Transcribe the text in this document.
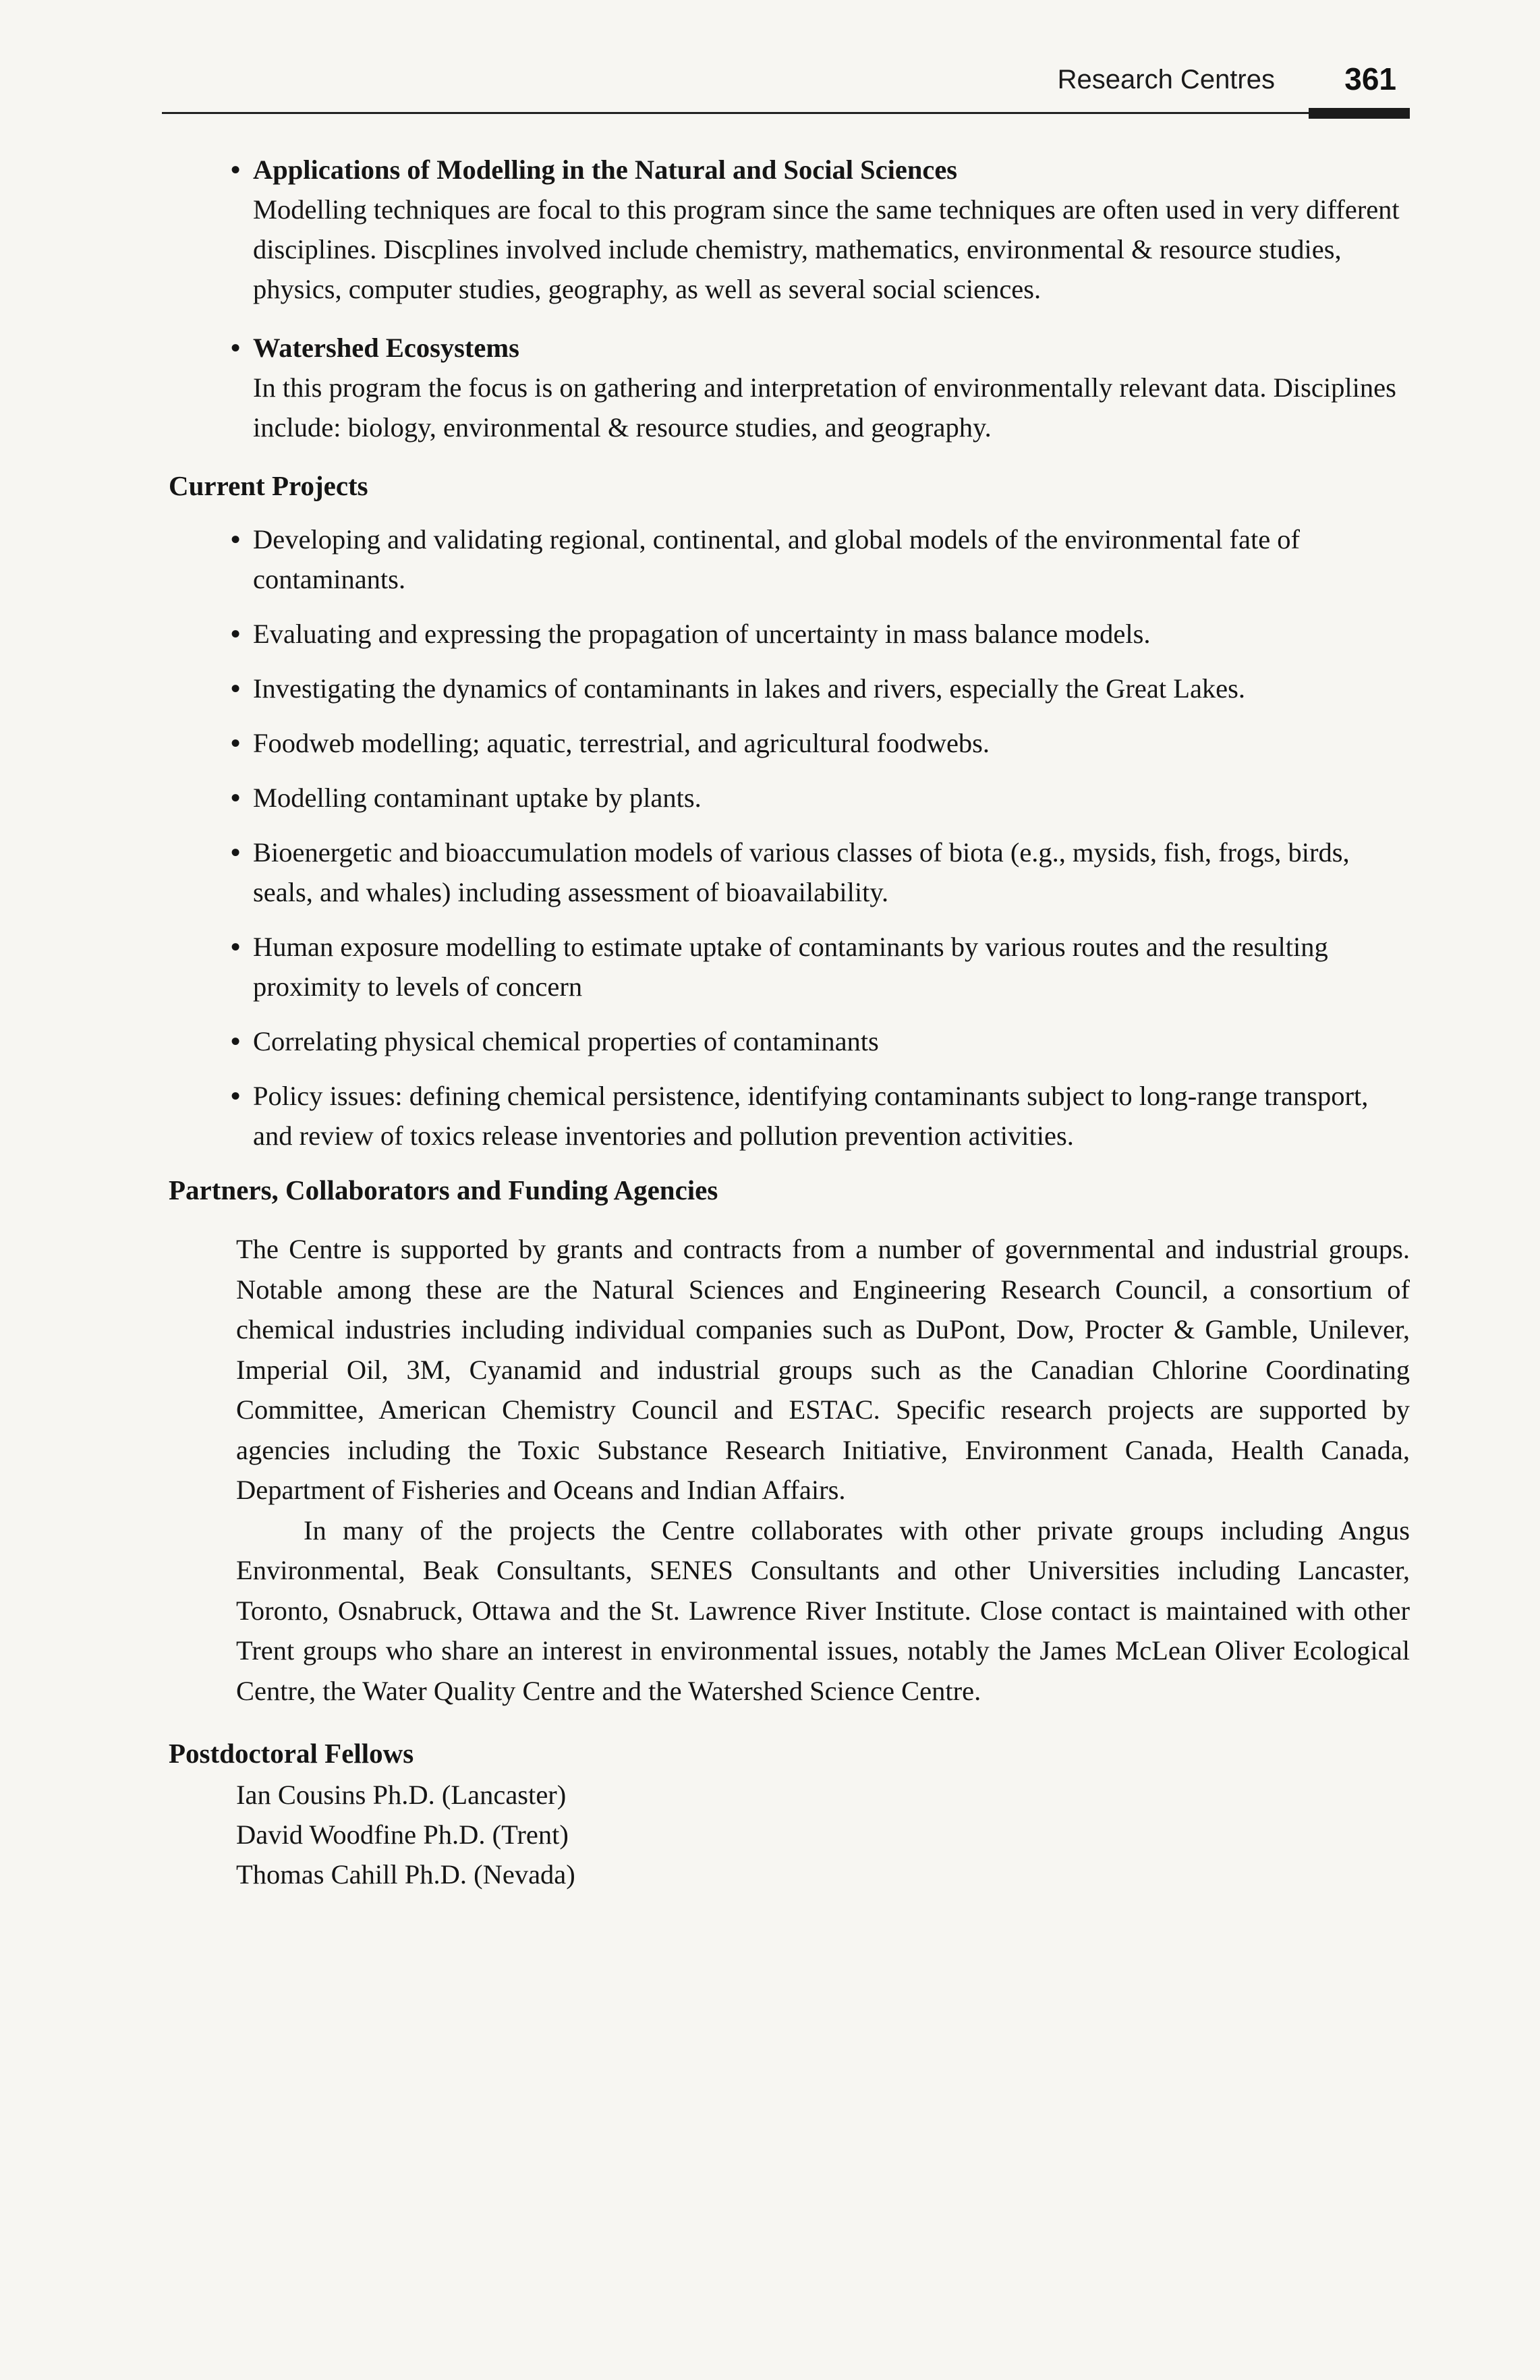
Research Centres 361
• Applications of Modelling in the Natural and Social Sciences
Modelling techniques are focal to this program since the same techniques are often used in very different disciplines. Discplines involved include chemistry, mathematics, environmental & resource studies, physics, computer studies, geography, as well as several social sciences.
• Watershed Ecosystems
In this program the focus is on gathering and interpretation of environmentally relevant data. Disciplines include: biology, environmental & resource studies, and geography.
Current Projects
• Developing and validating regional, continental, and global models of the environmental fate of contaminants.
• Evaluating and expressing the propagation of uncertainty in mass balance models.
• Investigating the dynamics of contaminants in lakes and rivers, especially the Great Lakes.
• Foodweb modelling; aquatic, terrestrial, and agricultural foodwebs.
• Modelling contaminant uptake by plants.
• Bioenergetic and bioaccumulation models of various classes of biota (e.g., mysids, fish, frogs, birds, seals, and whales) including assessment of bioavailability.
• Human exposure modelling to estimate uptake of contaminants by various routes and the resulting proximity to levels of concern
• Correlating physical chemical properties of contaminants
• Policy issues: defining chemical persistence, identifying contaminants subject to long-range transport, and review of toxics release inventories and pollution prevention activities.
Partners, Collaborators and Funding Agencies

The Centre is supported by grants and contracts from a number of governmental and industrial groups. Notable among these are the Natural Sciences and Engineering Research Council, a consortium of chemical industries including individual companies such as DuPont, Dow, Procter & Gamble, Unilever, Imperial Oil, 3M, Cyanamid and industrial groups such as the Canadian Chlorine Coordinating Committee, American Chemistry Council and ESTAC. Specific research projects are supported by agencies including the Toxic Substance Research Initiative, Environment Canada, Health Canada, Department of Fisheries and Oceans and Indian Affairs.

In many of the projects the Centre collaborates with other private groups including Angus Environmental, Beak Consultants, SENES Consultants and other Universities including Lancaster, Toronto, Osnabruck, Ottawa and the St. Lawrence River Institute. Close contact is maintained with other Trent groups who share an interest in environmental issues, notably the James McLean Oliver Ecological Centre, the Water Quality Centre and the Watershed Science Centre.

Postdoctoral Fellows
Ian Cousins Ph.D. (Lancaster)
David Woodfine Ph.D. (Trent)
Thomas Cahill Ph.D. (Nevada)
